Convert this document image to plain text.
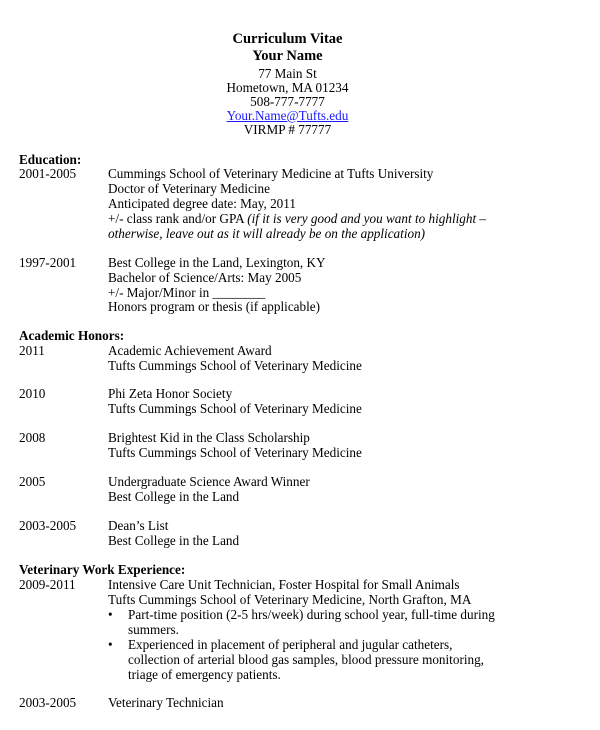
Curriculum Vitae
Your Name
77 Main St
Hometown, MA 01234
508-777-7777
Your.Name@Tufts.edu
VIRMP # 77777
Education:
2001-2005 Cummings School of Veterinary Medicine at Tufts University
Doctor of Veterinary Medicine
Anticipated degree date: May, 2011
+/- class rank and/or GPA (if it is very good and you want to highlight –
otherwise, leave out as it will already be on the application)
1997-2001 Best College in the Land, Lexington, KY
Bachelor of Science/Arts: May 2005
+/- Major/Minor in ________
Honors program or thesis (if applicable)
Academic Honors:
2011	Academic Achievement Award
Tufts Cummings School of Veterinary Medicine
2010	Phi Zeta Honor Society
Tufts Cummings School of Veterinary Medicine
2008	Brightest Kid in the Class Scholarship
Tufts Cummings School of Veterinary Medicine
2005	Undergraduate Science Award Winner
Best College in the Land
2003-2005 Dean’s List
Best College in the Land
Veterinary Work Experience:
2009-2011 Intensive Care Unit Technician, Foster Hospital for Small Animals
Tufts Cummings School of Veterinary Medicine, North Grafton, MA
• Part-time position (2-5 hrs/week) during school year, full-time during
summers.
• Experienced in placement of peripheral and jugular catheters,
collection of arterial blood gas samples, blood pressure monitoring,
triage of emergency patients.
2003-2005 Veterinary Technician
